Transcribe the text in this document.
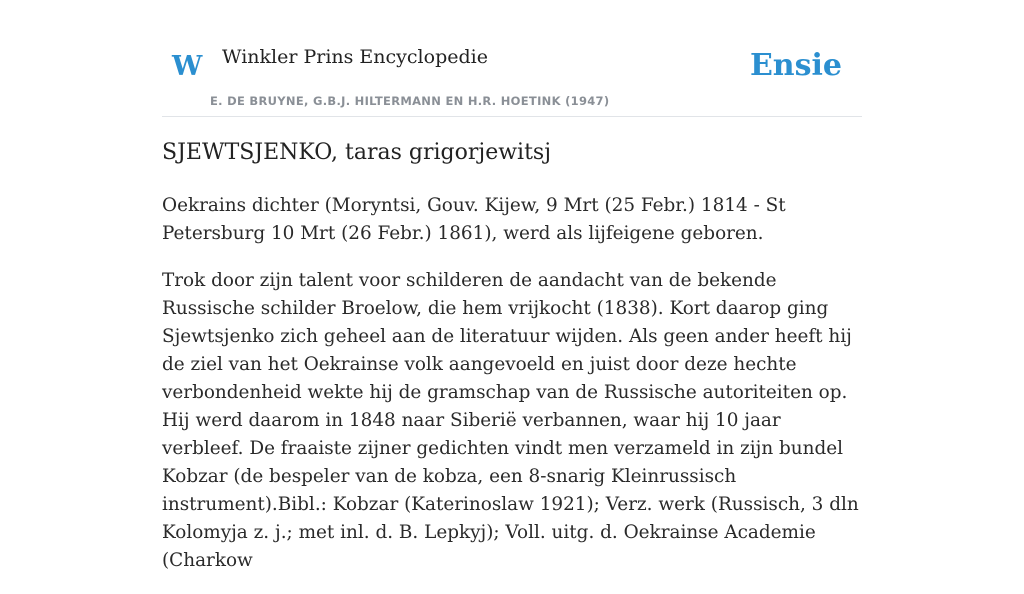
W Winkler Prins Encyclopedie
E. DE BRUYNE, G.B.J. HILTERMANN EN H.R. HOETINK (1947)
Ensie
SJEWTSJENKO, taras grigorjewitsj

Oekrains dichter (Moryntsi, Gouv. Kijew, 9 Mrt (25 Febr.) 1814 - St Petersburg 10 Mrt (26 Febr.) 1861), werd als lijfeigene geboren.

Trok door zijn talent voor schilderen de aandacht van de bekende Russische schilder Broelow, die hem vrijkocht (1838). Kort daarop ging Sjewtsjenko zich geheel aan de literatuur wijden. Als geen ander heeft hij de ziel van het Oekrainse volk aangevoeld en juist door deze hechte verbondenheid wekte hij de gramschap van de Russische autoriteiten op. Hij werd daarom in 1848 naar Siberië verbannen, waar hij 10 jaar verbleef. De fraaiste zijner gedichten vindt men verzameld in zijn bundel Kobzar (de bespeler van de kobza, een 8-snarig Kleinrussisch instrument).Bibl.: Kobzar (Katerinoslaw 1921); Verz. werk (Russisch, 3 dln Kolomyja z. j.; met inl. d. B. Lepkyj); Voll. uitg. d. Oekrainse Academie (Charkow
